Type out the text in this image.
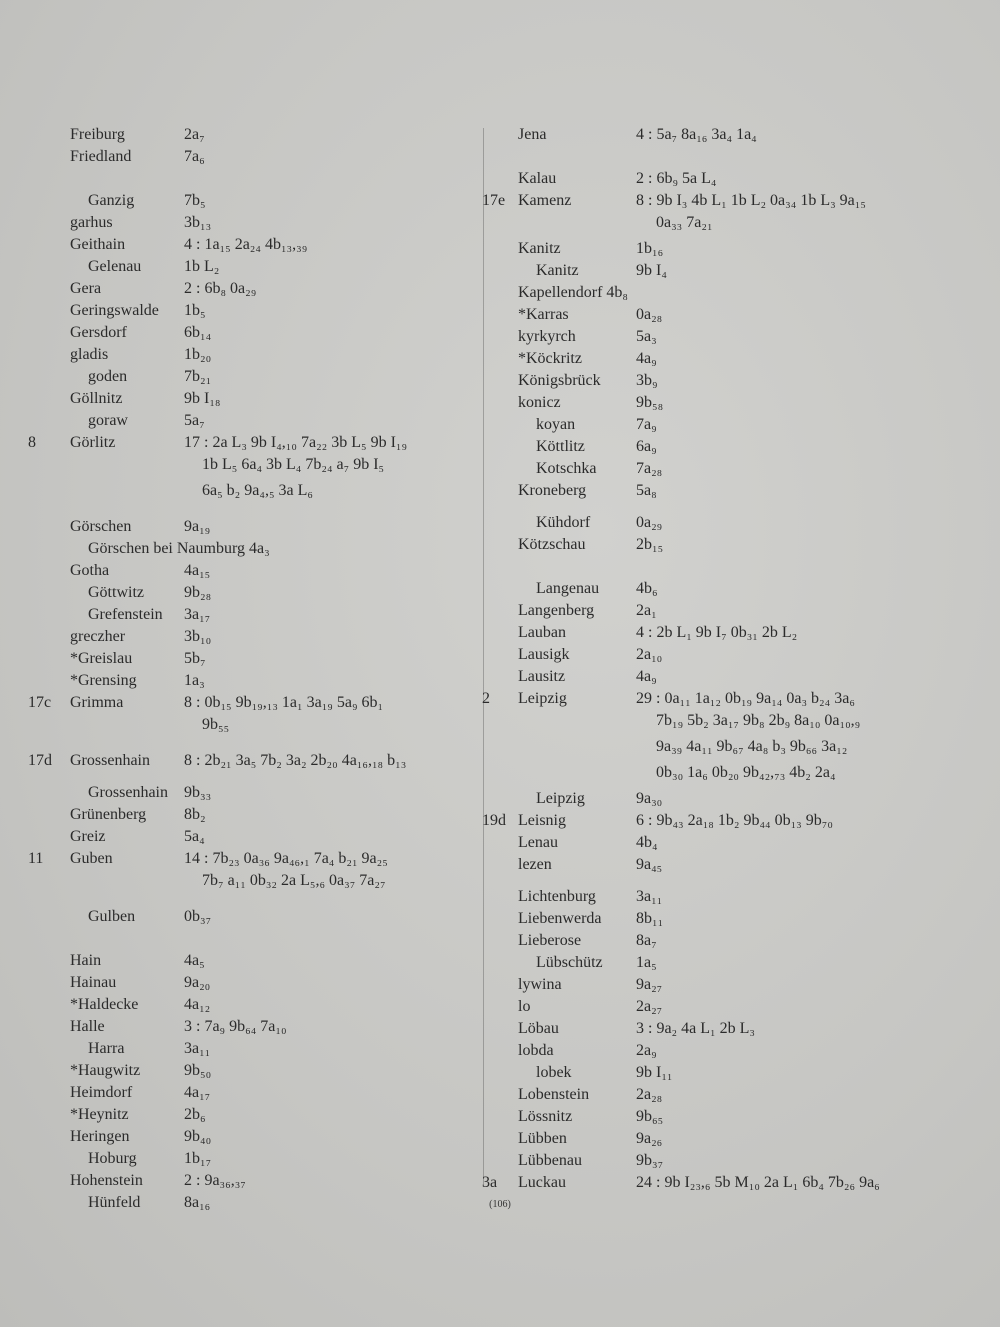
Freiburg	2a₇
Friedland	7a₆
Ganzig	7b₅
garhus	3b₁₃
Geithain	4 : 1a₁₅ 2a₂₄ 4b₁₃,₃₉
Gelenau	1b L₂
Gera	2 : 6b₈ 0a₂₉
Geringswalde 1b₅
Gersdorf	6b₁₄
gladis	1b₂₀
goden	7b₂₁
Göllnitz	9b I₁₈
goraw	5a₇
8	Görlitz	17 : 2a L₃ 9b I₄,₁₀ 7a₂₂ 3b L₅ 9b I₁₉
1b L₅ 6a₄ 3b L₄ 7b₂₄ a₇ 9b I₅
6a₅ b₂ 9a₄,₅ 3a L₆
Görschen	9a₁₉
Görschen bei Naumburg 4a₃
Gotha	4a₁₅
Göttwitz	9b₂₈
Grefenstein 3a₁₇
greczher	3b₁₀
*Greislau	5b₇
*Grensing	1a₃
17c	Grimma	8 : 0b₁₅ 9b₁₉,₁₃ 1a₁ 3a₁₉ 5a₉ 6b₁
9b₅₅
17d	Grossenhain 8 : 2b₂₁ 3a₅ 7b₂ 3a₂ 2b₂₀ 4a₁₆,₁₈ b₁₃
Grossenhain 9b₃₃
Grünenberg 8b₂
Greiz	5a₄
11	Guben	14 : 7b₂₃ 0a₃₆ 9a₄₆,₁ 7a₄ b₂₁ 9a₂₅
7b₇ a₁₁ 0b₃₂ 2a L₅,₆ 0a₃₇ 7a₂₇
Gulben	0b₃₇
Hain	4a₅
Hainau	9a₂₀
*Haldecke	4a₁₂
Halle	3 : 7a₉ 9b₆₄ 7a₁₀
Harra	3a₁₁
*Haugwitz	9b₅₀
Heimdorf	4a₁₇
*Heynitz	2b₆
Heringen	9b₄₀
Hoburg	1b₁₇
Hohenstein	2 : 9a₃₆,₃₇
Hünfeld	8a₁₆
Jena	4 : 5a₇ 8a₁₆ 3a₄ 1a₄
Kalau	2 : 6b₉ 5a L₄
17e Kamenz	8 : 9b I₃ 4b L₁ 1b L₂ 0a₃₄ 1b L₃ 9a₁₅
0a₃₃ 7a₂₁
Kanitz	1b₁₆
Kanitz	9b I₄
Kapellendorf 4b₈
*Karras	0a₂₈
kyrkyrch	5a₃
*Köckritz	4a₉
Königsbrück 3b₉
konicz	9b₅₈
koyan	7a₉
Köttlitz	6a₉
Kotschka 7a₂₈
Kroneberg	5a₈
Kühdorf	0a₂₉
Kötzschau	2b₁₅
Langenau 4b₆
Langenberg	2a₁
Lauban	4 : 2b L₁ 9b I₇ 0b₃₁ 2b L₂
Lausigk	2a₁₀
Lausitz	4a₉
2	Leipzig	29 : 0a₁₁ 1a₁₂ 0b₁₉ 9a₁₄ 0a₃ b₂₄ 3a₆
7b₁₉ 5b₂ 3a₁₇ 9b₈ 2b₉ 8a₁₀ 0a₁₀,₉
9a₃₉ 4a₁₁ 9b₆₇ 4a₈ b₃ 9b₆₆ 3a₁₂
0b₃₀ 1a₆ 0b₂₀ 9b₄₂,₇₃ 4b₂ 2a₄
Leipzig	9a₃₀
19d Leisnig	6 : 9b₄₃ 2a₁₈ 1b₂ 9b₄₄ 0b₁₃ 9b₇₀
Lenau	4b₄
lezen	9a₄₅
Lichtenburg	3a₁₁
Liebenwerda 8b₁₁
Lieberose	8a₇
Lübschütz 1a₅
lywina	9a₂₇
lo	2a₂₇
Löbau	3 : 9a₂ 4a L₁ 2b L₃
lobda	2a₉
lobek	9b I₁₁
Lobenstein	2a₂₈
Lössnitz	9b₆₅
Lübben	9a₂₆
Lübbenau	9b₃₇
3a	Luckau	24 : 9b I₂₃,₆ 5b M₁₀ 2a L₁ 6b₄ 7b₂₆ 9a₆
(106)
